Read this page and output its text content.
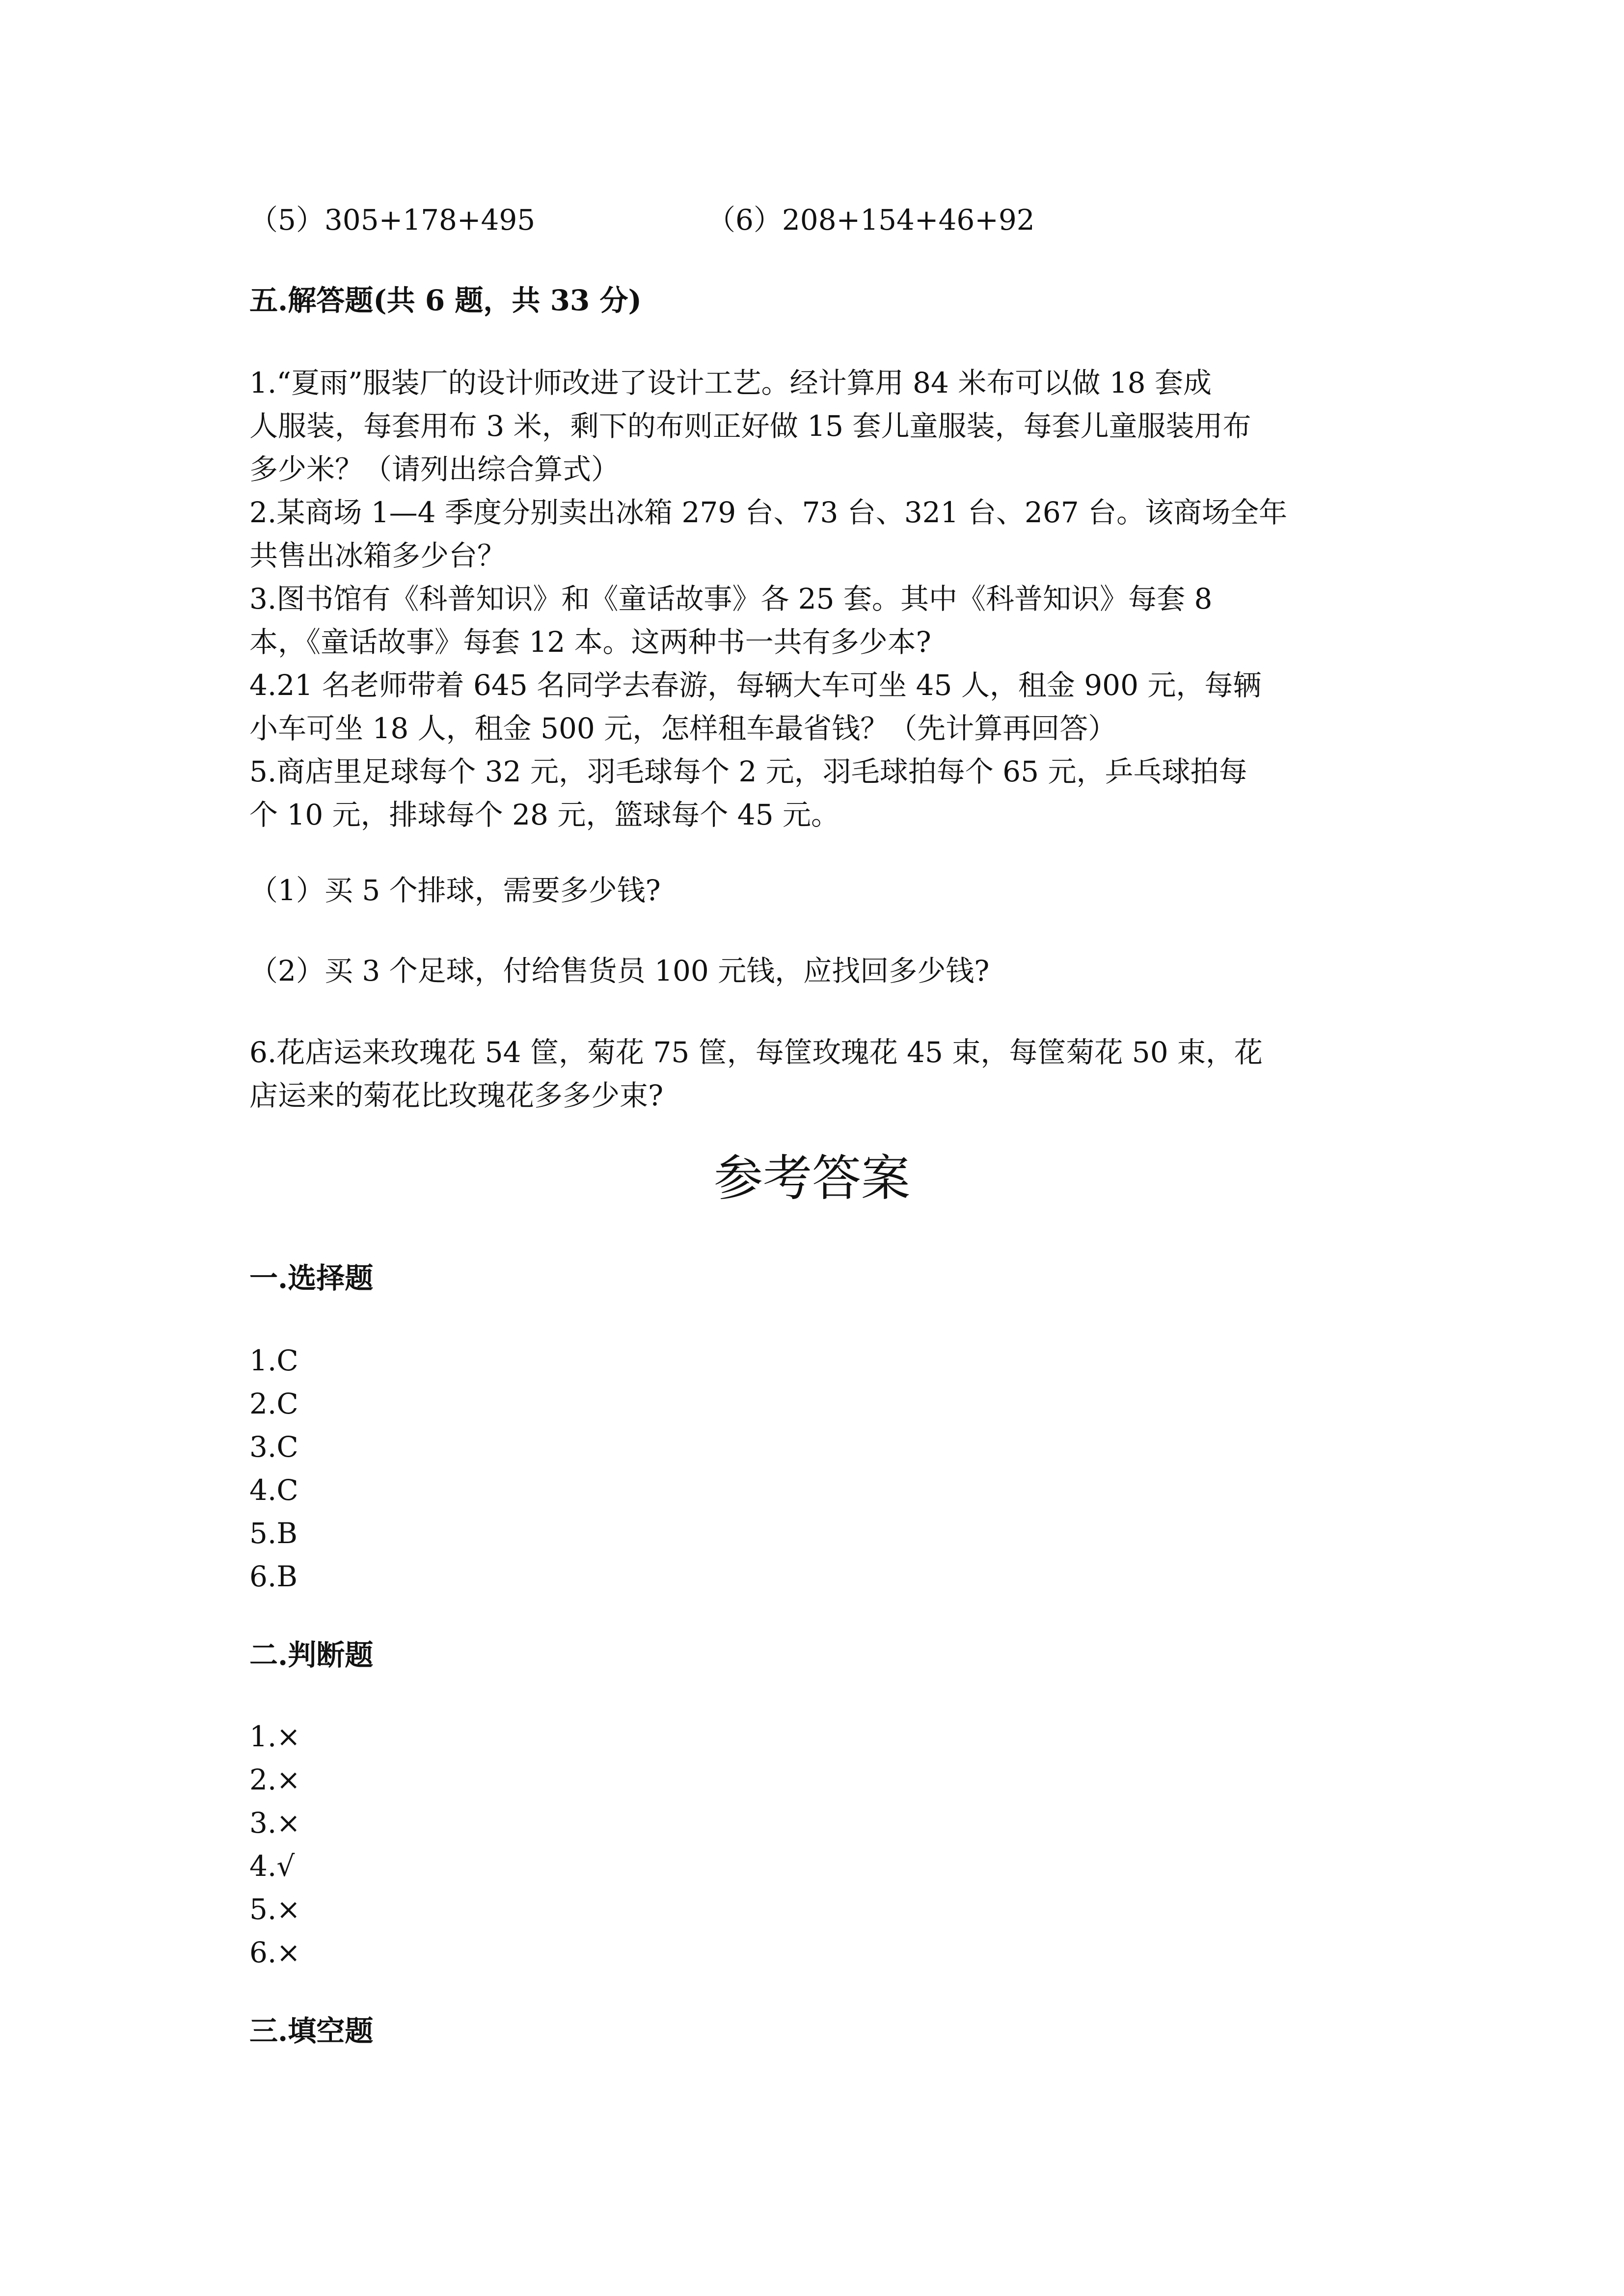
（5）305+178+495	（6）208+154+46+92
五.解答题(共 6 题，共 33 分)
1.“夏雨”服装厂的设计师改进了设计工艺。经计算用 84 米布可以做 18 套成
人服装，每套用布 3 米，剩下的布则正好做 15 套儿童服装，每套儿童服装用布
多少米？（请列出综合算式）
2.某商场 1—4 季度分别卖出冰箱 279 台、73 台、321 台、267 台。该商场全年
共售出冰箱多少台？
3.图书馆有《科普知识》和《童话故事》各 25 套。其中《科普知识》每套 8
本，《童话故事》每套 12 本。这两种书一共有多少本?
4.21 名老师带着 645 名同学去春游，每辆大车可坐 45 人，租金 900 元，每辆
小车可坐 18 人，租金 500 元，怎样租车最省钱？（先计算再回答）
5.商店里足球每个 32 元，羽毛球每个 2 元，羽毛球拍每个 65 元，乒乓球拍每
个 10 元，排球每个 28 元，篮球每个 45 元。
（1）买 5 个排球，需要多少钱?
（2）买 3 个足球，付给售货员 100 元钱，应找回多少钱?
6.花店运来玫瑰花 54 筐，菊花 75 筐，每筐玫瑰花 45 束，每筐菊花 50 束，花
店运来的菊花比玫瑰花多多少束?
参考答案
一.选择题
1.C
2.C
3.C
4.C
5.B
6.B
二.判断题
1.×
2.×
3.×
4.√
5.×
6.×
三.填空题
